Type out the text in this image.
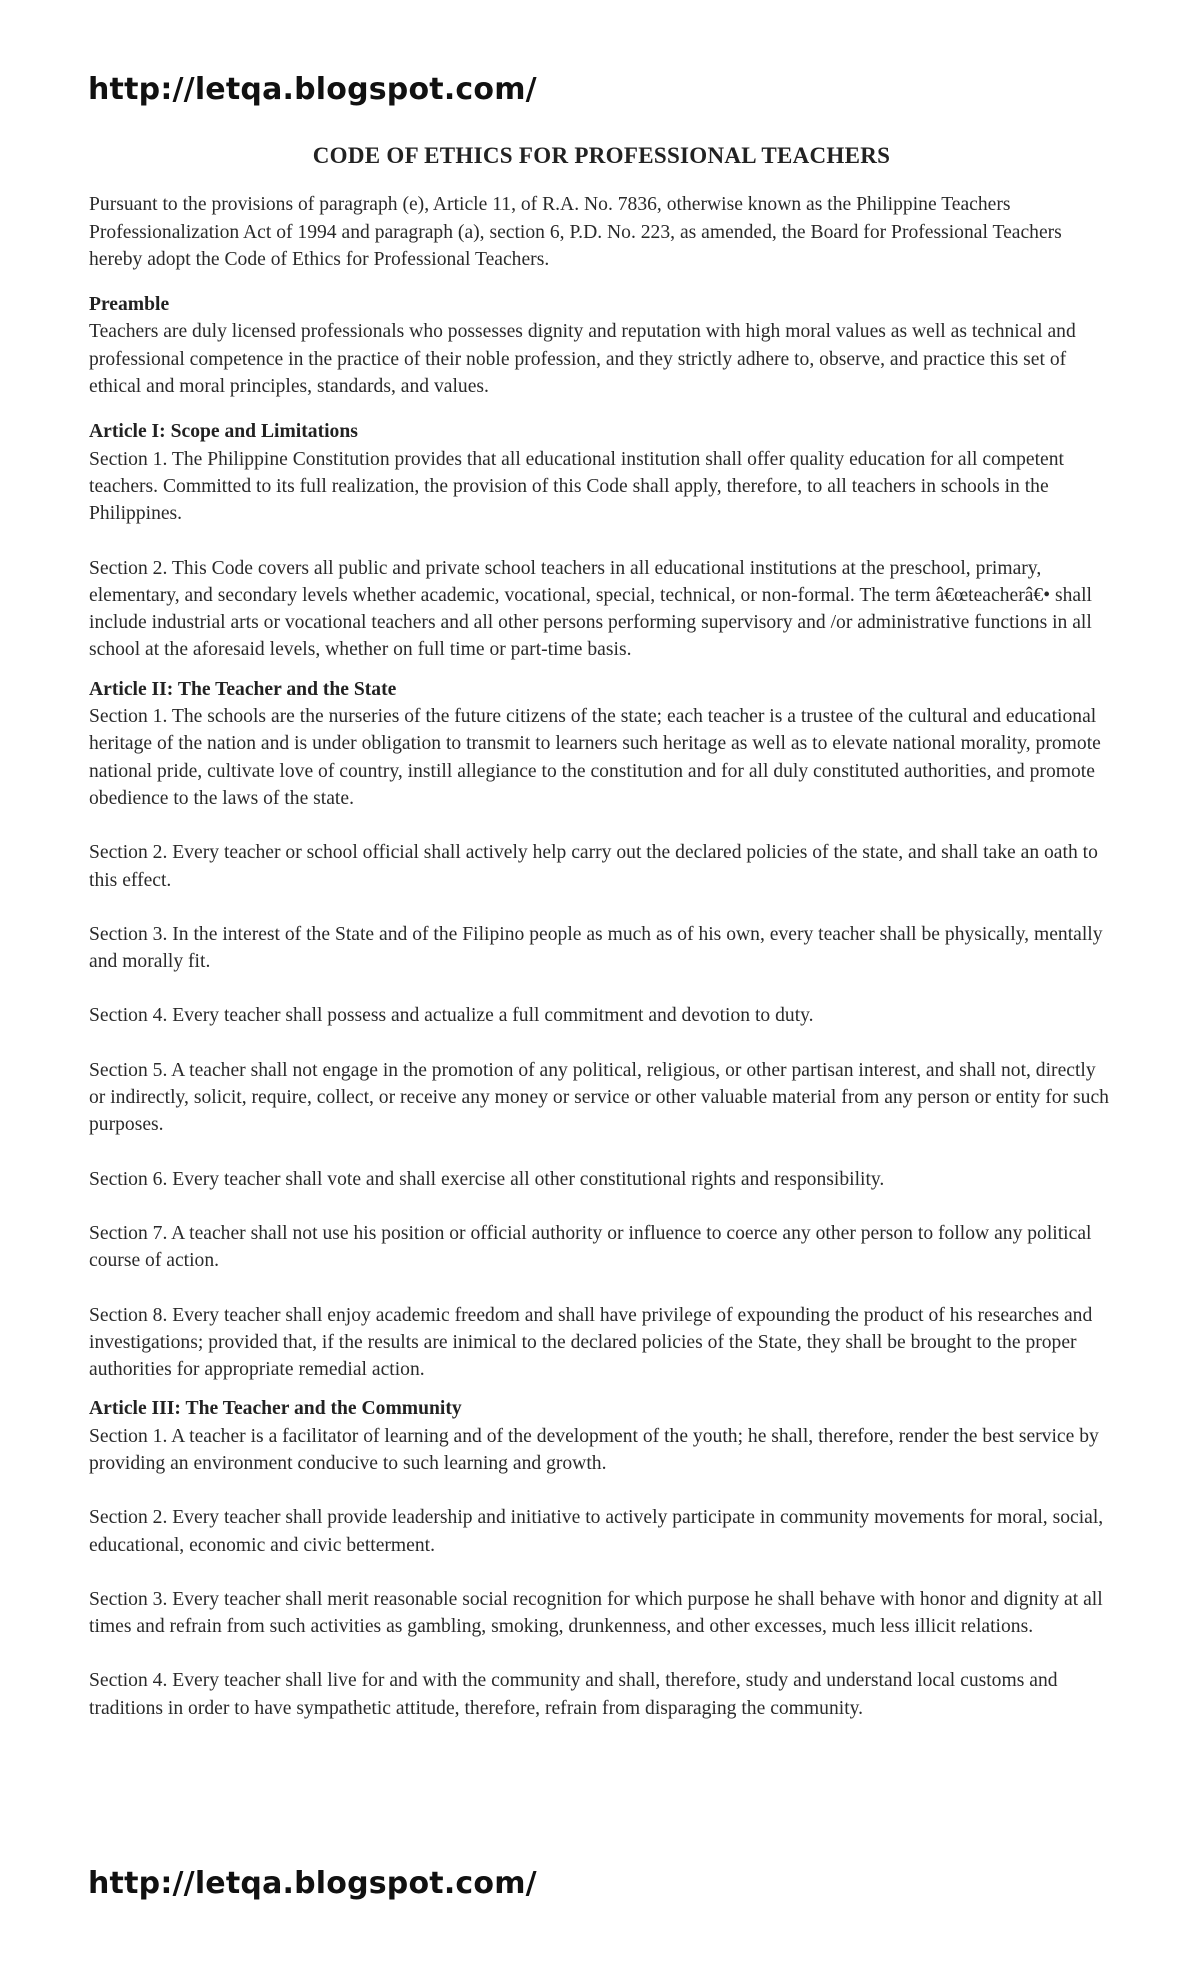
http://letqa.blogspot.com/
CODE OF ETHICS FOR PROFESSIONAL TEACHERS
Pursuant to the provisions of paragraph (e), Article 11, of R.A. No. 7836, otherwise known as the Philippine Teachers Professionalization Act of 1994 and paragraph (a), section 6, P.D. No. 223, as amended, the Board for Professional Teachers hereby adopt the Code of Ethics for Professional Teachers.
Preamble
Teachers are duly licensed professionals who possesses dignity and reputation with high moral values as well as technical and professional competence in the practice of their noble profession, and they strictly adhere to, observe, and practice this set of ethical and moral principles, standards, and values.
Article I: Scope and Limitations
Section 1. The Philippine Constitution provides that all educational institution shall offer quality education for all competent teachers. Committed to its full realization, the provision of this Code shall apply, therefore, to all teachers in schools in the Philippines.
Section 2. This Code covers all public and private school teachers in all educational institutions at the preschool, primary, elementary, and secondary levels whether academic, vocational, special, technical, or non-formal. The term â€œteacherâ€• shall include industrial arts or vocational teachers and all other persons performing supervisory and /or administrative functions in all school at the aforesaid levels, whether on full time or part-time basis.
Article II: The Teacher and the State
Section 1. The schools are the nurseries of the future citizens of the state; each teacher is a trustee of the cultural and educational heritage of the nation and is under obligation to transmit to learners such heritage as well as to elevate national morality, promote national pride, cultivate love of country, instill allegiance to the constitution and for all duly constituted authorities, and promote obedience to the laws of the state.
Section 2. Every teacher or school official shall actively help carry out the declared policies of the state, and shall take an oath to this effect.
Section 3. In the interest of the State and of the Filipino people as much as of his own, every teacher shall be physically, mentally and morally fit.
Section 4. Every teacher shall possess and actualize a full commitment and devotion to duty.
Section 5. A teacher shall not engage in the promotion of any political, religious, or other partisan interest, and shall not, directly or indirectly, solicit, require, collect, or receive any money or service or other valuable material from any person or entity for such purposes.
Section 6. Every teacher shall vote and shall exercise all other constitutional rights and responsibility.
Section 7. A teacher shall not use his position or official authority or influence to coerce any other person to follow any political course of action.
Section 8. Every teacher shall enjoy academic freedom and shall have privilege of expounding the product of his researches and investigations; provided that, if the results are inimical to the declared policies of the State, they shall be brought to the proper authorities for appropriate remedial action.
Article III: The Teacher and the Community
Section 1. A teacher is a facilitator of learning and of the development of the youth; he shall, therefore, render the best service by providing an environment conducive to such learning and growth.
Section 2. Every teacher shall provide leadership and initiative to actively participate in community movements for moral, social, educational, economic and civic betterment.
Section 3. Every teacher shall merit reasonable social recognition for which purpose he shall behave with honor and dignity at all times and refrain from such activities as gambling, smoking, drunkenness, and other excesses, much less illicit relations.
Section 4. Every teacher shall live for and with the community and shall, therefore, study and understand local customs and traditions in order to have sympathetic attitude, therefore, refrain from disparaging the community.
http://letqa.blogspot.com/
